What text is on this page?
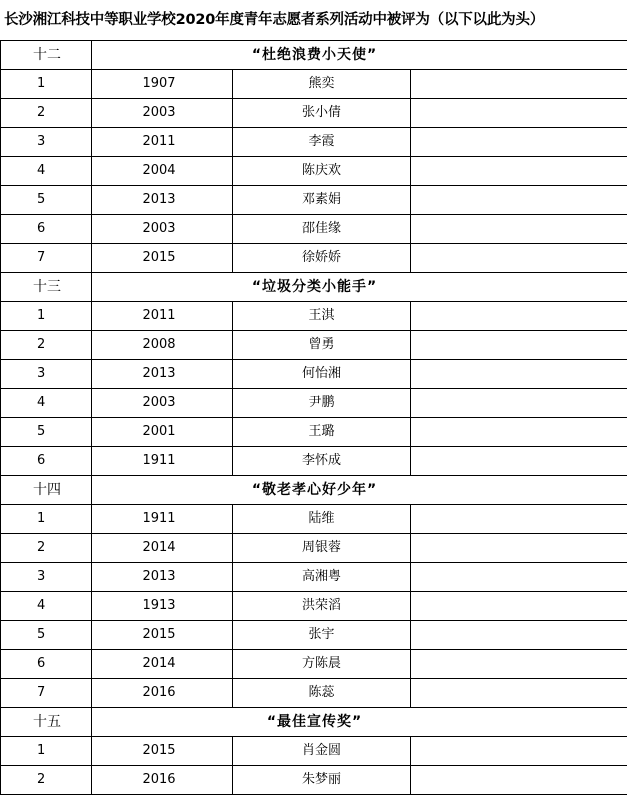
长沙湘江科技中等职业学校2020年度青年志愿者系列活动中被评为（以下以此为头）
十二	“杜绝浪费小天使”		
1	1907	熊奕	
2	2003	张小倩	
3	2011	李霞	
4	2004	陈庆欢	
5	2013	邓素娟	
6	2003	邵佳缘	
7	2015	徐娇娇	
十三	“垃圾分类小能手”		
1	2011	王淇	
2	2008	曾勇	
3	2013	何怡湘	
4	2003	尹鹏	
5	2001	王璐	
6	1911	李怀成	
十四	“敬老孝心好少年”		
1	1911	陆维	
2	2014	周银蓉	
3	2013	高湘粤	
4	1913	洪荣滔	
5	2015	张宇	
6	2014	方陈晨	
7	2016	陈蕊	
十五	“最佳宣传奖”		
1	2015	肖金圆	
2	2016	朱梦丽	
